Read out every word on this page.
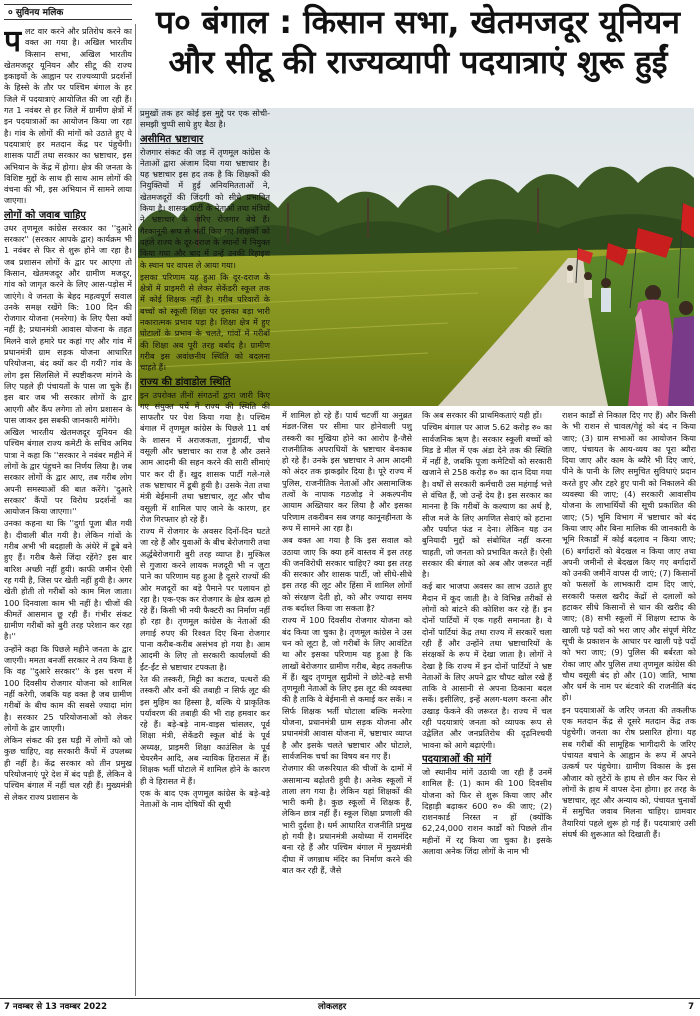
० सुविनय मलिक	प० बंगाल : किसान सभा, खेतमजदूर यूनियन
और सीटू की राज्यव्यापी पदयात्राएं शुरू हुईं
प लट वार करने और प्रतिरोध करने का वक्त आ गया है। अखिल भारतीय किसान सभा, अखिल भारतीय खेतमजदूर यूनियन और सीटू की राज्य इकाइयों के आह्वान पर राज्यव्यापी प्रदर्शनों के हिस्से के तौर पर पश्चिम बंगाल के हर जिले में पदयात्राएं आयोजित की जा रही हैं। गत 1 नवंबर से हर जिले में ग्रामीण क्षेत्रों में इन पदयात्राओं का आयोजन किया जा रहा है। गांव के लोगों की मांगों को उठाते हुए ये पदयात्राएं हर मतदान केंद्र पर पंहुचेंगी। शासक पार्टी तथा सरकार का भ्रष्टाचार, इस अभियान के केंद्र में होगा। क्षेत्र की जनता के विशिष्ट मुद्दों के साथ ही साथ आम लोगों की वंचना की भी, इस अभियान में सामने लाया जाएगा।

लोगों को जवाब चाहिए

उधर तृणमूल कांग्रेस सरकार का ''दुआरे सरकार'' (सरकार आपके द्वार) कार्यक्रम भी 1 नवंबर से फिर से शुरू होने जा रहा है। जब प्रशासन लोगों के द्वार पर आएगा तो किसान, खेतमजदूर और ग्रामीण मजदूर, गांव को जागृत करने के लिए आस-पड़ोस में जाएंगे। वे जनता के बेहद महत्वपूर्ण सवाल उनके समक्ष रखेंगे कि: 100 दिन की रोजगार योजना (मनरेगा) के लिए पैसा क्यों नहीं है; प्रधानमंत्री आवास योजना के तहत मिलने वाले हमारे घर कहां गए और गांव में प्रधानमंत्री ग्राम सड़क योजना आधारित परियोजना, बंद क्यों कर दी गयी? गांव के लोग इस सिलसिले में स्पष्टीकरण मांगने के लिए पहले ही पंचायतों के पास जा चुके हैं। इस बार जब भी सरकार लोगों के द्वार आएगी और कैंप लगेगा तो लोग प्रशासन के पास जाकर इस सबकी जानकारी मांगेंगे।

अखिल भारतीय खेतमजदूर यूनियन की पश्चिम बंगाल राज्य कमेटी के सचिव अमिय पात्रा ने कहा कि ''सरकार ने नवंबर महीने में लोगों के द्वार पंहुचने का निर्णय लिया है। जब सरकार लोगों के द्वार आए, तब गरीब लोग अपनी समस्याओं की बात करेंगे। 'दुआरे सरकार' कैंपों पर विरोध प्रदर्शनों का आयोजन किया जाएगा।''

उनका कहना था कि ''दुर्गा पूजा बीत गयी है। दीवाली बीत गयी है। लेकिन गांवों के गरीब अभी भी बदहाली के अंधेरे में डूबे बने हुए हैं। गरीब कैसे जिंदा रहेंगे? इस बार बारिश अच्छी नहीं हुयी। काफी जमीन ऐसी रह गयी है, जिस पर खेती नहीं हुयी है। अगर खेती होती तो गरीबों को काम मिल जाता। 100 दिनवाला काम भी नहीं है। चीजों की कीमतें आसमान छू रही हैं। गंभीर संकट ग्रामीण गरीबों को बुरी तरह परेशान कर रहा है।''

उन्होंने कहा कि पिछले महीने जनता के द्वार जाएगी। ममता बनर्जी सरकार ने तय किया है कि वह ''दुआरे सरकार'' के इस चरण में 100 दिवसीय रोजगार योजना को शामिल नहीं करेगी, जबकि यह वक्त है जब ग्रामीण गरीबों के बीच काम की सबसे ज्यादा मांग है। सरकार 25 परियोजनाओं को लेकर लोगों के द्वार जाएगी।

लेकिन संकट की इस घड़ी में लोगों को जो कुछ चाहिए, वह सरकारी कैंपों में उपलब्ध ही नहीं है। केंद्र सरकार को तीन प्रमुख परियोजनाएं पूरे देश में बंद पड़ी हैं, लेकिन वे पश्चिम बंगाल में नहीं चल रही हैं। मुख्यमंत्री से लेकर राज्य प्रशासन के

प्रमुखों तक हर कोई इस मुद्दे पर एक सोची-समझी चुप्पी साधे हुए बैठा है।

असीमित भ्रष्टाचार

रोजगार संकट की जड़ में तृणमूल कांग्रेस के नेताओं द्वारा अंजाम दिया गया भ्रष्टाचार है। यह भ्रष्टाचार इस हद तक है कि शिक्षकों की नियुक्तियों में हुई अनियमितताओं ने, खेतमजदूरों की जिंदगी को सीधे प्रभावित किया है। शासक पार्टी के नेताओं तथा मंत्रियों ने भ्रष्टाचार के जरिए रोजगार बेचे हैं। गैरकानूनी रूप से भर्ती किए गए शिक्षकों को पहले राज्य के दूर-दराज के स्थानों में नियुक्त किया गया और बाद में उन्हें उनकी रिहाइश के स्थान पर वापस ले आया गया।

इसका परिणाम यह हुआ कि दूर-दराज के क्षेत्रों में प्राइमरी से लेकर सेकेंडरी स्कूल तक में कोई शिक्षक नहीं है। गरीब परिवारों के बच्चों को स्कूली शिक्षा पर इसका बड़ा भारी नकारात्मक प्रभाव पड़ा है। शिक्षा क्षेत्र में हुए घोटालों के प्रभाव के चलते, गांवों में गरीबों की शिक्षा अब पूरी तरह बर्बाद है। ग्रामीण गरीब इस अवांछनीय स्थिति को बदलना चाहते हैं।

राज्य की डांवाडोल स्थिति

इन उपरोक्त तीनों संगठनों द्वारा जारी किए गए संयुक्त पर्चे में राज्य की स्थिति की साफतौर पर पेश किया गया है। पश्चिम बंगाल में तृणमूल कांग्रेस के पिछले 11 वर्ष के शासन में अराजकता, गुंडागर्दी, चौथ वसूली और भ्रष्टाचार का राज है और उसने आम आदमी की सहन करने की सारी सीमाएं पार कर दी हैं। खुद शासक पार्टी गले-गले तक भ्रष्टाचार में डूबी हुयी है। उसके नेता तथा मंत्री बेईमानी तथा भ्रष्टाचार, लूट और चौथ वसूली में शामिल पाए जाने के कारण, हर रोज गिरफ्तार हो रहे हैं।

राज्य में रोजगार के अवसर दिनों-दिन घटते जा रहे हैं और युवाओं के बीच बेरोजगारी तथा अर्द्धबेरोजगारी बुरी तरह व्याप्त है। मुश्किल से गुजारा करने लायक मजदूरी भी न जुटा पाने का परिणाम यह हुआ है दूसरे राज्यों की ओर मजदूरों का बड़े पैमाने पर पलायन हो रहा है। एक-एक कर रोजगार के क्षेत्र खत्म हो रहे हैं। किसी भी नयी फैक्टरी का निर्माण नहीं हो रहा है। तृणमूल कांग्रेस के नेताओं की लगाई रुपए की रिश्वत दिए बिना रोजगार पाना करीब-करीब असंभव हो गया है। आम आदमी के लिए तो सरकारी कार्यालयों की ईंट-ईंट से भ्रष्टाचार टपकता है।

रेत की तस्करी, मिट्टी का कटाव, पत्थरों की तस्करी और वनों की तबाही न सिर्फ लूट की इस मुहिम का हिस्सा है, बल्कि ये प्राकृतिक पर्यावरण की तबाही की भी राह हमवार कर रहे हैं। बड़े-बड़े नाम-वाइस चांसलर, पूर्व शिक्षा मंत्री, सेकेंडरी स्कूल बोर्ड के पूर्व अध्यक्ष, प्राइमरी शिक्षा काउंसिल के पूर्व चेयरमैन आदि, अब न्यायिक हिरासत में हैं। शिक्षक भर्ती घोटाले में शामिल होने के कारण ही वे हिरासत में हैं।

एक के बाद एक तृणमूल कांग्रेस के बड़े-बड़े नेताओं के नाम दोषियों की सूची

में शामिल हो रहे हैं। पार्थ चटर्जी या अनुब्रत मंडल-जिस पर सीमा पार होनेवाली पशु तस्करी का मुखिया होने का आरोप है-जैसे राजनीतिक अपराधियों के भ्रष्टाचार बेनकाब हो रहे हैं। उनके इस भ्रष्टाचार ने आम आदमी को अंदर तक झकझोर दिया है। पूरे राज्य में पुलिस, राजनीतिक नेताओं और असामाजिक तत्वों के नापाक गठजोड़ ने अकल्पनीय आयाम अख्तियार कर लिया है और इसका परिणाम तकरीबन सब जगह कानूनहीनता के रूप में सामने आ रहा है।

अब वक्त आ गया है कि इस सवाल को उठाया जाए कि क्या हमें वास्तव में इस तरह की जनविरोधी सरकार चाहिए? क्या इस तरह की सरकार और शासक पार्टी, जो सीधे-सीधे इस तरह की लूट और हिंसा में शामिल लोगों को संरक्षण देती हो, को और ज्यादा समय तक बर्दाश्त किया जा सकता है?

राज्य में 100 दिवसीय रोजगार योजना को बंद किया जा चुका है। तृणमूल कांग्रेस ने उस धन को लूटा है, जो गरीबों के लिए आवंटित था और इसका परिणाम यह हुआ है कि लाखों बेरोजगार ग्रामीण गरीब, बेहद तकलीफ में हैं। खुद तृणमूल सुप्रीमो ने छोटे-बड़े सभी तृणमूली नेताओं के लिए इस लूट की व्यवस्था की है ताकि वे बेईमानी से कमाई कर सकें। न सिर्फ शिक्षक भर्ती घोटाला बल्कि मनरेगा योजना, प्रधानमंत्री ग्राम सड़क योजना और प्रधानमंत्री आवास योजना में, भ्रष्टाचार व्याप्त है और इसके चलते भ्रष्टाचार और घोटाले, सार्वजनिक चर्चा का विषय बन गए हैं।

रोजगार की जरूरियात की चीजों के दामों में असामान्य बढ़ोतरी हुयी है। अनेक स्कूलों में ताला लग गया है। लेकिन यहां शिक्षकों की भारी कमी है। कुछ स्कूलों में शिक्षक हैं, लेकिन छात्र नहीं हैं। स्कूल शिक्षा प्रणाली की भारी दुर्दशा है। धर्म आधारित राजनीति प्रमुख हो गयी है। प्रधानमंत्री अयोध्या में राममंदिर बना रहे हैं और पश्चिम बंगाल में मुख्यमंत्री दीघा में जगन्नाथ मंदिर का निर्माण करने की बात कर रही हैं, जैसे

कि अब सरकार की प्राथमिकताएं यही हों।

पश्चिम बंगाल पर आज 5.62 करोड़ रु० का सार्वजनिक ऋण है। सरकार स्कूली बच्चों को मिड डे मील में एक अंडा देने तक की स्थिति में नहीं है, जबकि पूजा कमेटियों को सरकारी खजाने से 258 करोड़ रु० का दान दिया गया है। वर्षों से सरकारी कर्मचारी उस महंगाई भत्ते से वंचित हैं, जो उन्हें देय है। इस सरकार का मानना है कि गरीबों के कल्याण का अर्थ है, सीज मजे के लिए अगणित सेवाएं को हटाना और पर्याप्त फंड न देना। लेकिन यह उन बुनियादी मुद्दों को संबोधित नहीं करना चाहती, जो जनता को प्रभावित करते हैं। ऐसी सरकार की बंगाल को अब और जरूरत नहीं है।

कई बार भाजपा अवसर का लाभ उठाते हुए मैदान में कूद जाती है। वे विभिन्न तरीकों से लोगों को बांटने की कोशिश कर रहे हैं। इन दोनों पार्टियों में एक गहरी समानता है। ये दोनों पार्टियां केंद्र तथा राज्य में सरकारें चला रही हैं और उन्होंने तथा भ्रष्टाचारियों के संरक्षकों के रूप में देखा जाता है। लोगों ने देखा है कि राज्य में इन दोनों पार्टियों ने भ्रष्ट नेताओं के लिए अपने द्वार चौपट खोल रखे हैं ताकि वे आसानी से अपना ठिकाना बदल सकें। इसीलिए, इन्हें अलग-थलग करना और उखाड़ फेंकने की जरूरत है। राज्य में चल रही पदयात्राएं जनता को व्यापक रूप से उद्वेलित और जनप्रतिरोध की दृढ़निश्चयी भावना को आगे बढ़ाएंगी।

पदयात्राओं की मांगें

जो स्थानीय मांगें उठायी जा रही हैं उनमें शामिल हैं: (1) काम की 100 दिवसीय योजना को फिर से शुरू किया जाए और दिहाड़ी बढ़ाकर 600 रु० की जाए; (2) राशनकार्ड निरस्त न हों (क्योंकि 62,24,000 राशन कार्डों को पिछले तीन महीनों में रद्द किया जा चुका है। इसके अलावा अनेक जिंदा लोगों के नाम भी

राशन कार्डों से निकाल दिए गए हैं) और किसी के भी राशन से चावल/गेहूं को बंद न किया जाए; (3) ग्राम सभाओं का आयोजन किया जाए, पंचायत के आय-व्यय का पूरा ब्यौरा दिया जाए और काम के ब्यौरे भी दिए जाएं, पीने के पानी के लिए समुचित सुविधाएं प्रदान करते हुए और टहरे हुए पानी को निकालने की व्यवस्था की जाए; (4) सरकारी आवासीय योजना के लाभार्थियों की सूची प्रकाशित की जाए; (5) भूमि विभाग में भ्रष्टाचार को बंद किया जाए और बिना मालिक की जानकारी के भूमि रिकार्डों में कोई बदलाव न किया जाए; (6) बर्गादारों को बेदखल न किया जाए तथा अपनी जमीनों से बेदखल किए गए बर्गादारों को उनकी जमीनें वापस दी जाएं; (7) किसानों को फसलों के लाभकारी दाम दिए जाएं, सरकारी फसल खरीद केंद्रों से दलालों को हटाकर सीधे किसानों से धान की खरीद की जाए; (8) सभी स्कूलों में शिक्षण स्टाफ के खाली पड़े पदों को भरा जाए और संपूर्ण मेरिट सूची के प्रकाशन के आधार पर खाली पड़े पदों को भरा जाए; (9) पुलिस की बर्बरता को रोका जाए और पुलिस तथा तृणमूल कांग्रेस की चौथ वसूली बंद हो और (10) जाति, भाषा और धर्म के नाम पर बंटवारे की राजनीति बंद हो।

इन पदयात्राओं के जरिए जनता की तकलीफ एक मतदान केंद्र से दूसरे मतदान केंद्र तक पंहुचेगी। जनता का रोष प्रसारित होगा। यह सब गरीबों की सामूहिक भागीदारी के जरिए पंचायत बचाने के आह्वान के रूप में अपने उत्कर्ष पर पंहुचेगा। ग्रामीण विकास के इस औजार को लुटेरों के हाथ से छीन कर फिर से लोगों के हाथ में वापस देना होगा। हर तरह के भ्रष्टाचार, लूट और अन्याय को, पंचायत चुनावों में समुचित जवाब मिलना चाहिए। ग्रामवार तैयारियां पहले शुरू हो गई हैं। पदयात्राएं उसी संघर्ष की शुरूआत को दिखाती हैं।

7 नवम्बर से 13 नवम्बर 2022	लोकलहर	7
